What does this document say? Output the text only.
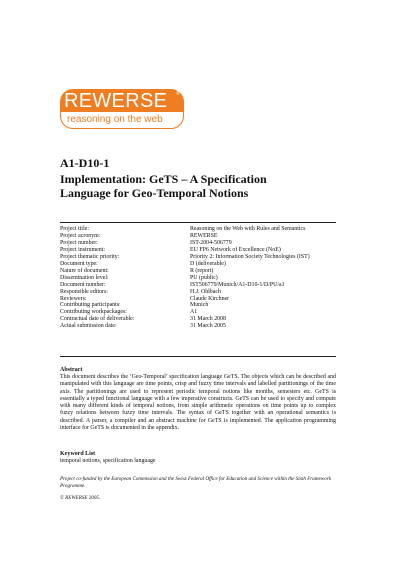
REWERSE ®
reasoning on the web
A1-D10-1
Implementation: GeTS – A Specification Language for Geo-Temporal Notions
Project title:	Reasoning on the Web with Rules and Semantics
Project acronym:	REWERSE
Project number:	IST-2004-506779
Project instrument:	EU FP6 Network of Excellence (NoE)
Project thematic priority:	Priority 2: Information Society Technologies (IST)
Document type:	D (deliverable)
Nature of document:	R (report)
Dissemination level:	PU (public)
Document number:	IST506779/Munich/A1-D10-1/D/PU/a1
Responsible editors:	H.J. Ohlbach
Reviewers:	Claude Kirchner
Contributing participants:	Munich
Contributing workpackages:	A1
Contractual date of deliverable:	31 March 2008
Actual submission date:	31 March 2005
Abstract
This document describes the ‘Geo-Temporal’ specification language GeTS. The objects which can be described and manipulated with this language are time points, crisp and fuzzy time intervals and labelled partitionings of the time axis. The partitionings are used to represent periodic temporal notions like months, semesters etc. GeTS is essentially a typed functional language with a few imperative constructs. GeTS can be used to specify and compute with many different kinds of temporal notions, from simple arithmetic operations on time points up to complex fuzzy relations between fuzzy time intervals. The syntax of GeTS together with an operational semantics is described. A parser, a compiler and an abstract machine for GeTS is implemented. The application programming interface for GeTS is documented in the appendix.
Keyword List
temporal notions, specification language
Project co-funded by the European Commission and the Swiss Federal Office for Education and Science within the Sixth Framework Programme.
© REWERSE 2005.
